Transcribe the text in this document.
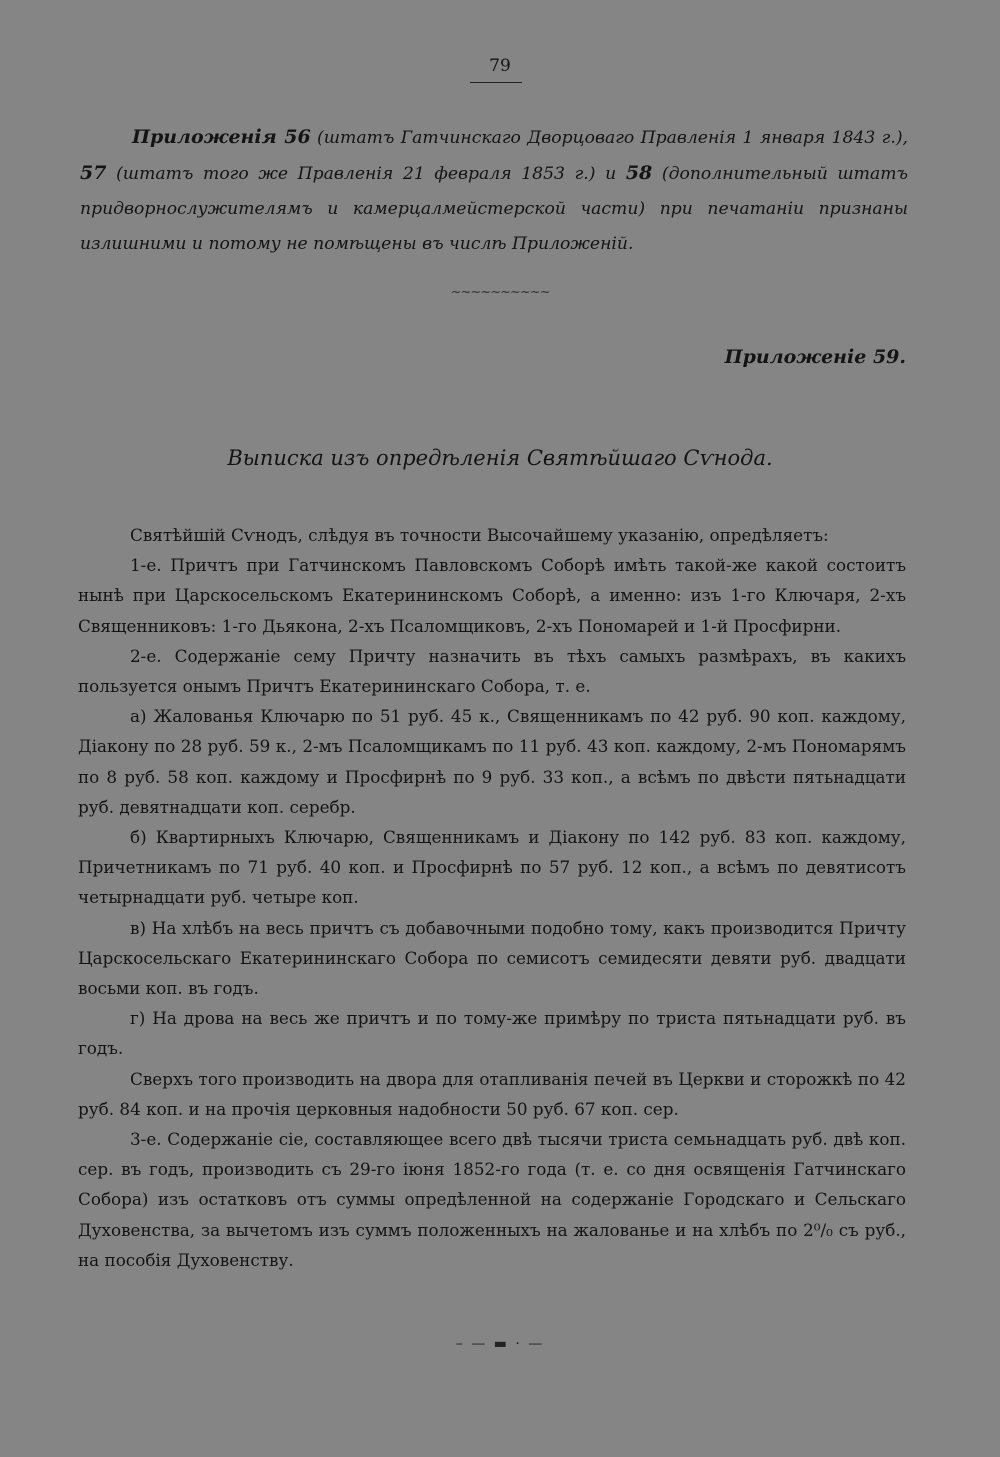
79

Приложенія 56 (штатъ Гатчинскаго Дворцоваго Правленія 1 января 1843 г.), 57 (штатъ того же Правленія 21 февраля 1853 г.) и 58 (дополнительный штатъ придворнослужителямъ и камерцалмейстерской части) при печатаніи признаны излишними и потому не помѣщены въ числѣ Приложеній.

~~~~~~~~~~
Приложеніе 59.
Выписка изъ опредѣленія Святѣйшаго Сѵнода.

Святѣйшій Сѵнодъ, слѣдуя въ точности Высочайшему указанію, опредѣляетъ:

1-е. Причтъ при Гатчинскомъ Павловскомъ Соборѣ имѣть такой-же какой состоитъ нынѣ при Царскосельскомъ Екатерининскомъ Соборѣ, а именно: изъ 1-го Ключаря, 2-хъ Священниковъ: 1-го Дьякона, 2-хъ Псаломщиковъ, 2-хъ Пономарей и 1-й Просфирни.

2-е. Содержаніе сему Причту назначить въ тѣхъ самыхъ размѣрахъ, въ какихъ пользуется онымъ Причтъ Екатерининскаго Собора, т. е.

а) Жалованья Ключарю по 51 руб. 45 к., Священникамъ по 42 руб. 90 коп. каждому, Діакону по 28 руб. 59 к., 2-мъ Псаломщикамъ по 11 руб. 43 коп. каждому, 2-мъ Пономарямъ по 8 руб. 58 коп. каждому и Просфирнѣ по 9 руб. 33 коп., а всѣмъ по двѣсти пятьнадцати руб. девятнадцати коп. серебр.

б) Квартирныхъ Ключарю, Священникамъ и Діакону по 142 руб. 83 коп. каждому, Причетникамъ по 71 руб. 40 коп. и Просфирнѣ по 57 руб. 12 коп., а всѣмъ по девятисотъ четырнадцати руб. четыре коп.

в) На хлѣбъ на весь причтъ съ добавочными подобно тому, какъ производится Причту Царскосельскаго Екатерининскаго Собора по семисотъ семидесяти девяти руб. двадцати восьми коп. въ годъ.

г) На дрова на весь же причтъ и по тому-же примѣру по триста пятьнадцати руб. въ годъ.

Сверхъ того производить на двора для отапливанія печей въ Церкви и сторожкѣ по 42 руб. 84 коп. и на прочія церковныя надобности 50 руб. 67 коп. сер.

3-е. Содержаніе сіе, составляющее всего двѣ тысячи триста семьнадцать руб. двѣ коп. сер. въ годъ, производить съ 29-го іюня 1852-го года (т. е. со дня освященія Гатчинскаго Собора) изъ остатковъ отъ суммы опредѣленной на содержаніе Городскаго и Сельскаго Духовенства, за вычетомъ изъ суммъ положенныхъ на жалованье и на хлѣбъ по 2⁰/₀ съ руб., на пособія Духовенству.

– — ▬ · —
